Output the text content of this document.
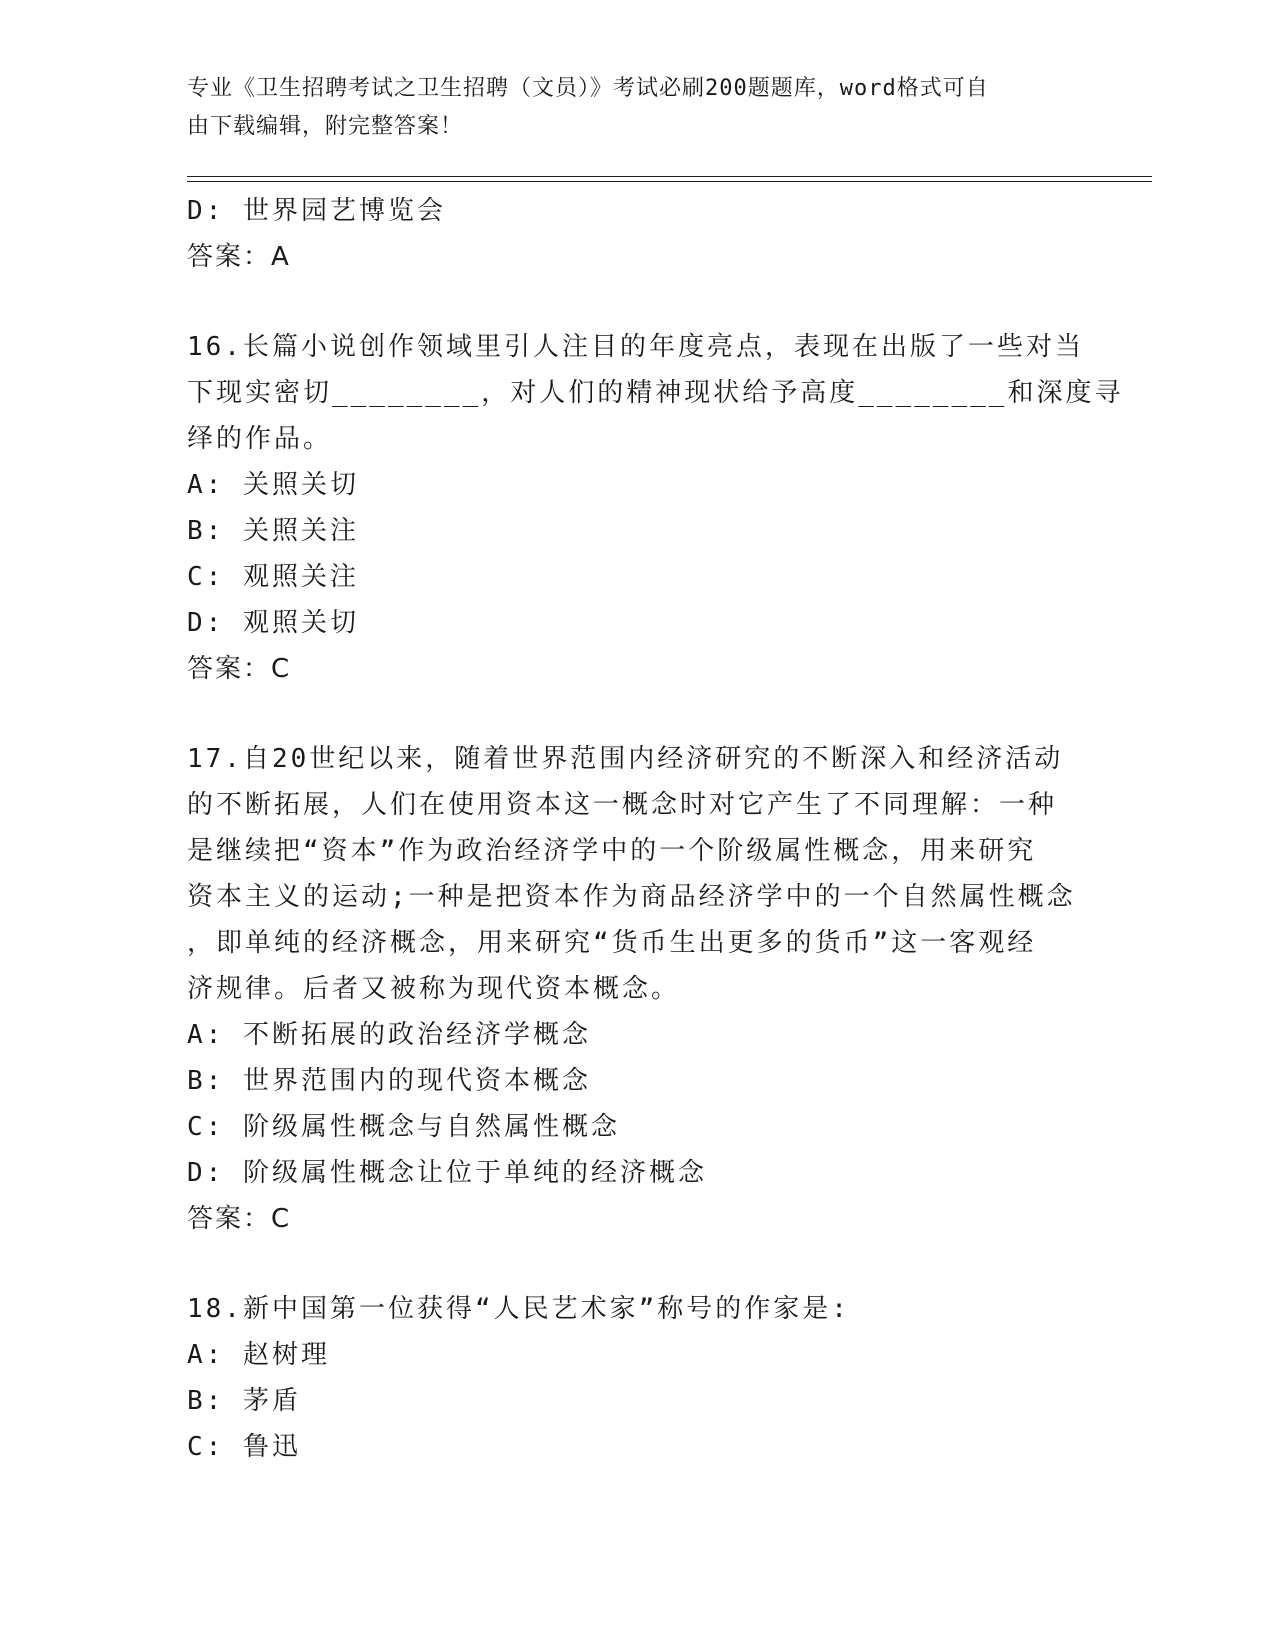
专业《卫生招聘考试之卫生招聘（文员）》考试必刷200题题库，word格式可自
由下载编辑，附完整答案！
D: 世界园艺博览会
答案：A
16.长篇小说创作领域里引人注目的年度亮点，表现在出版了一些对当
下现实密切________，对人们的精神现状给予高度________和深度寻
绎的作品。
A: 关照关切
B: 关照关注
C: 观照关注
D: 观照关切
答案：C
17.自20世纪以来，随着世界范围内经济研究的不断深入和经济活动
的不断拓展，人们在使用资本这一概念时对它产生了不同理解：一种
是继续把“资本”作为政治经济学中的一个阶级属性概念，用来研究
资本主义的运动;一种是把资本作为商品经济学中的一个自然属性概念
，即单纯的经济概念，用来研究“货币生出更多的货币”这一客观经
济规律。后者又被称为现代资本概念。
A: 不断拓展的政治经济学概念
B: 世界范围内的现代资本概念
C: 阶级属性概念与自然属性概念
D: 阶级属性概念让位于单纯的经济概念
答案：C
18.新中国第一位获得“人民艺术家”称号的作家是:
A: 赵树理
B: 茅盾
C: 鲁迅
